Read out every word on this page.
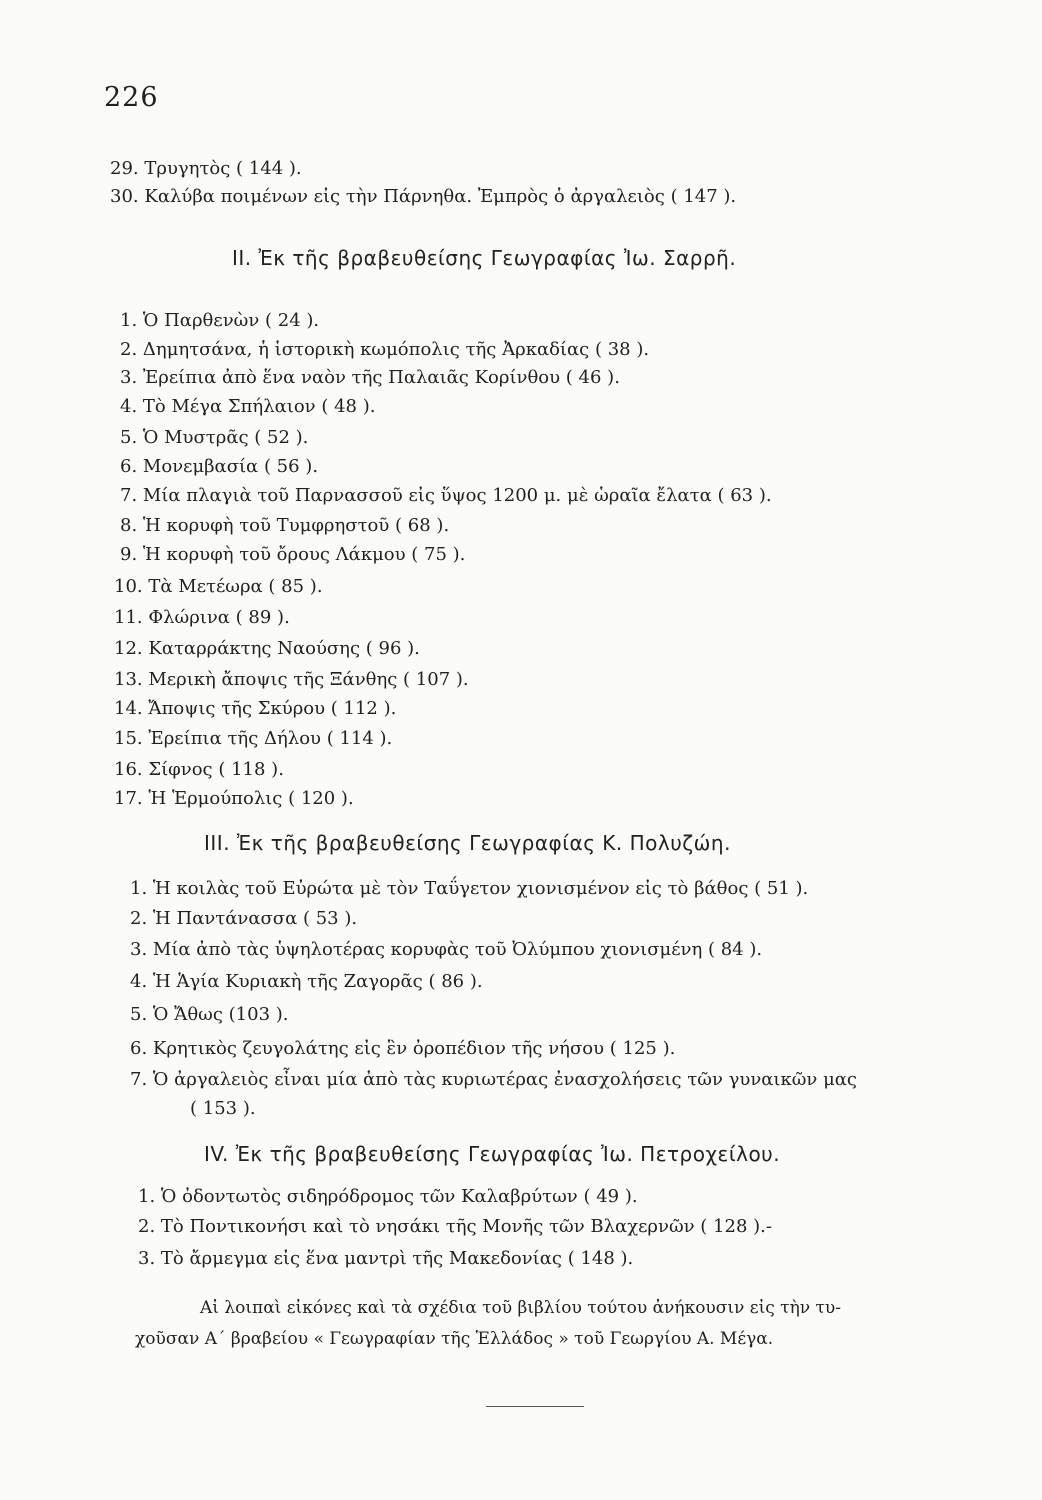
226
29. Τρυγητὸς ( 144 ).
30. Καλύβα ποιμένων εἰς τὴν Πάρνηθα. Ἐμπρὸς ὁ ἀργαλειὸς ( 147 ).
II. Ἐκ τῆς βραβευθείσης Γεωγραφίας Ἰω. Σαρρῆ.
1. Ὁ Παρθενὼν ( 24 ).
2. Δημητσάνα, ἡ ἱστορικὴ κωμόπολις τῆς Ἀρκαδίας ( 38 ).
3. Ἐρείπια ἀπὸ ἕνα ναὸν τῆς Παλαιᾶς Κορίνθου ( 46 ).
4. Τὸ Μέγα Σπήλαιον ( 48 ).
5. Ὁ Μυστρᾶς ( 52 ).
6. Μονεμβασία ( 56 ).
7. Μία πλαγιὰ τοῦ Παρνασσοῦ εἰς ὕψος 1200 μ. μὲ ὡραῖα ἔλατα ( 63 ).
8. Ἡ κορυφὴ τοῦ Τυμφρηστοῦ ( 68 ).
9. Ἡ κορυφὴ τοῦ ὄρους Λάκμου ( 75 ).
10. Τὰ Μετέωρα ( 85 ).
11. Φλώρινα ( 89 ).
12. Καταρράκτης Ναούσης ( 96 ).
13. Μερικὴ ἄποψις τῆς Ξάνθης ( 107 ).
14. Ἄποψις τῆς Σκύρου ( 112 ).
15. Ἐρείπια τῆς Δήλου ( 114 ).
16. Σίφνος ( 118 ).
17. Ἡ Ἑρμούπολις ( 120 ).
III. Ἐκ τῆς βραβευθείσης Γεωγραφίας Κ. Πολυζώη.
1. Ἡ κοιλὰς τοῦ Εὐρώτα μὲ τὸν Ταΰγετον χιονισμένον εἰς τὸ βάθος ( 51 ).
2. Ἡ Παντάνασσα ( 53 ).
3. Μία ἀπὸ τὰς ὑψηλοτέρας κορυφὰς τοῦ Ὀλύμπου χιονισμένη ( 84 ).
4. Ἡ Ἁγία Κυριακὴ τῆς Ζαγορᾶς ( 86 ).
5. Ὁ Ἄθως (103 ).
6. Κρητικὸς ζευγολάτης εἰς ἓν ὀροπέδιον τῆς νήσου ( 125 ).
7. Ὁ ἀργαλειὸς εἶναι μία ἀπὸ τὰς κυριωτέρας ἐνασχολήσεις τῶν γυναικῶν μας
( 153 ).
IV. Ἐκ τῆς βραβευθείσης Γεωγραφίας Ἰω. Πετροχείλου.
1. Ὁ ὀδοντωτὸς σιδηρόδρομος τῶν Καλαβρύτων ( 49 ).
2. Τὸ Ποντικονήσι καὶ τὸ νησάκι τῆς Μονῆς τῶν Βλαχερνῶν ( 128 ).-
3. Τὸ ἄρμεγμα εἰς ἕνα μαντρὶ τῆς Μακεδονίας ( 148 ).
Αἱ λοιπαὶ εἰκόνες καὶ τὰ σχέδια τοῦ βιβλίου τούτου ἀνήκουσιν εἰς τὴν τυ-
χοῦσαν Α΄ βραβείου « Γεωγραφίαν τῆς Ἑλλάδος » τοῦ Γεωργίου Α. Μέγα.
